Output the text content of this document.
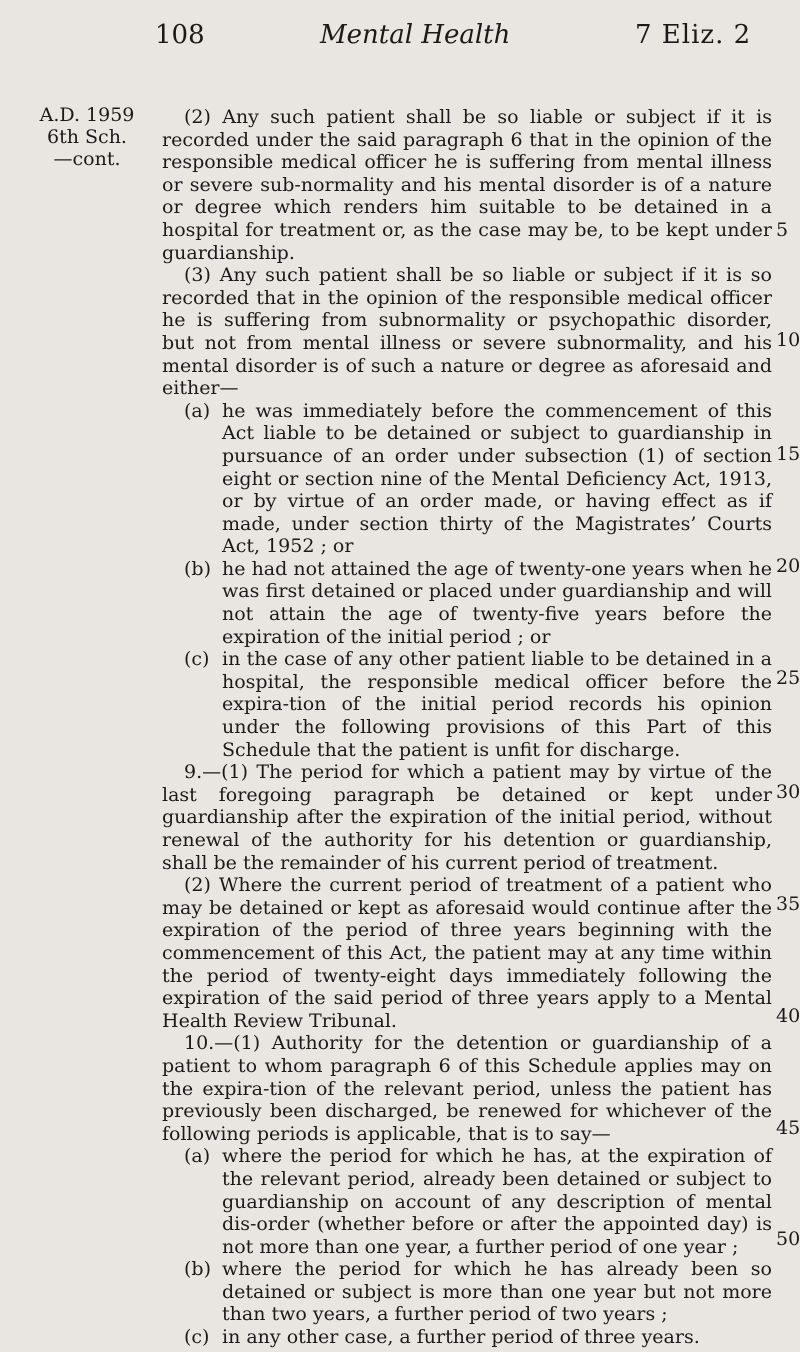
108	Mental Health	7 Eliz. 2
A.D. 1959
6th Sch.
—cont.

(2) Any such patient shall be so liable or subject if it is recorded under the said paragraph 6 that in the opinion of the responsible medical officer he is suffering from mental illness or severe sub-normality and his mental disorder is of a nature or degree which renders him suitable to be detained in a hospital for treatment or, as the case may be, to be kept under guardianship.

(3) Any such patient shall be so liable or subject if it is so recorded that in the opinion of the responsible medical officer he is suffering from subnormality or psychopathic disorder, but not from mental illness or severe subnormality, and his mental disorder is of such a nature or degree as aforesaid and either—

(a) he was immediately before the commencement of this Act liable to be detained or subject to guardianship in pursuance of an order under subsection (1) of section eight or section nine of the Mental Deficiency Act, 1913, or by virtue of an order made, or having effect as if made, under section thirty of the Magistrates’ Courts Act, 1952 ; or
(b) he had not attained the age of twenty-one years when he was first detained or placed under guardianship and will not attain the age of twenty-five years before the expiration of the initial period ; or
(c) in the case of any other patient liable to be detained in a hospital, the responsible medical officer before the expira-tion of the initial period records his opinion under the following provisions of this Part of this Schedule that the patient is unfit for discharge.

9.—(1) The period for which a patient may by virtue of the last foregoing paragraph be detained or kept under guardianship after the expiration of the initial period, without renewal of the authority for his detention or guardianship, shall be the remainder of his current period of treatment.

(2) Where the current period of treatment of a patient who may be detained or kept as aforesaid would continue after the expiration of the period of three years beginning with the commencement of this Act, the patient may at any time within the period of twenty-eight days immediately following the expiration of the said period of three years apply to a Mental Health Review Tribunal.

10.—(1) Authority for the detention or guardianship of a patient to whom paragraph 6 of this Schedule applies may on the expira-tion of the relevant period, unless the patient has previously been discharged, be renewed for whichever of the following periods is applicable, that is to say—

(a) where the period for which he has, at the expiration of the relevant period, already been detained or subject to guardianship on account of any description of mental dis-order (whether before or after the appointed day) is not more than one year, a further period of one year ;
(b) where the period for which he has already been so detained or subject is more than one year but not more than two years, a further period of two years ;
(c) in any other case, a further period of three years.
5
10
15
20
25
30
35
40
45
50
